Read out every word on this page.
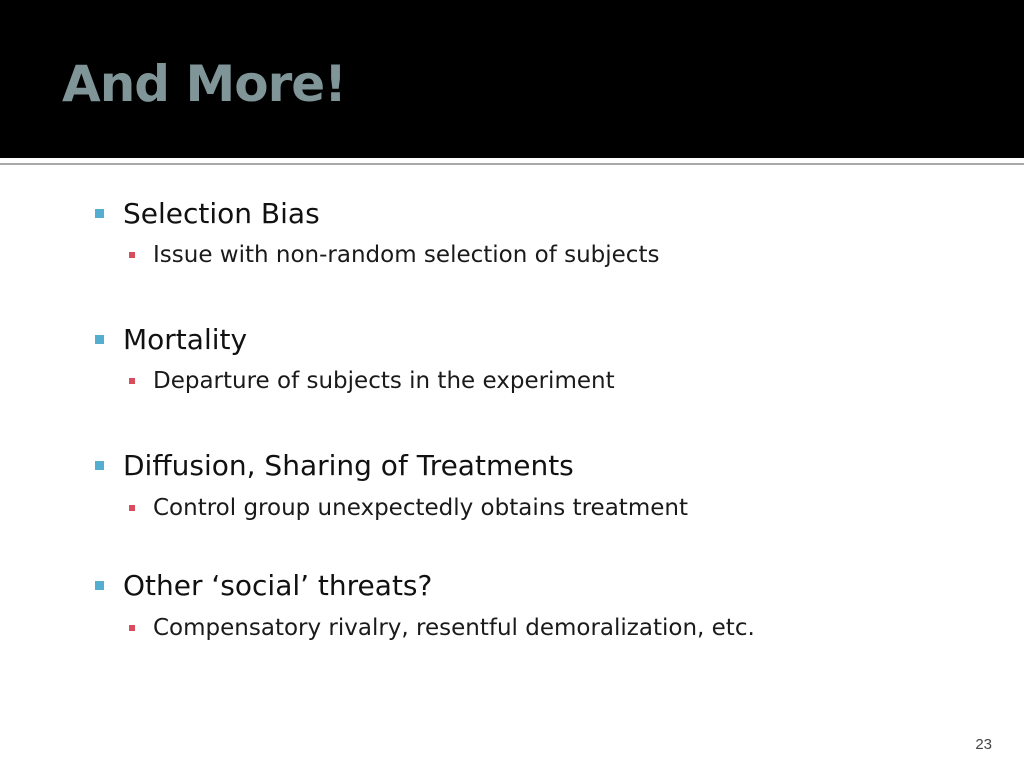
And More!
Selection Bias
Issue with non-random selection of subjects
Mortality
Departure of subjects in the experiment
Diffusion, Sharing of Treatments
Control group unexpectedly obtains treatment
Other ‘social’ threats?
Compensatory rivalry, resentful demoralization, etc.
23
